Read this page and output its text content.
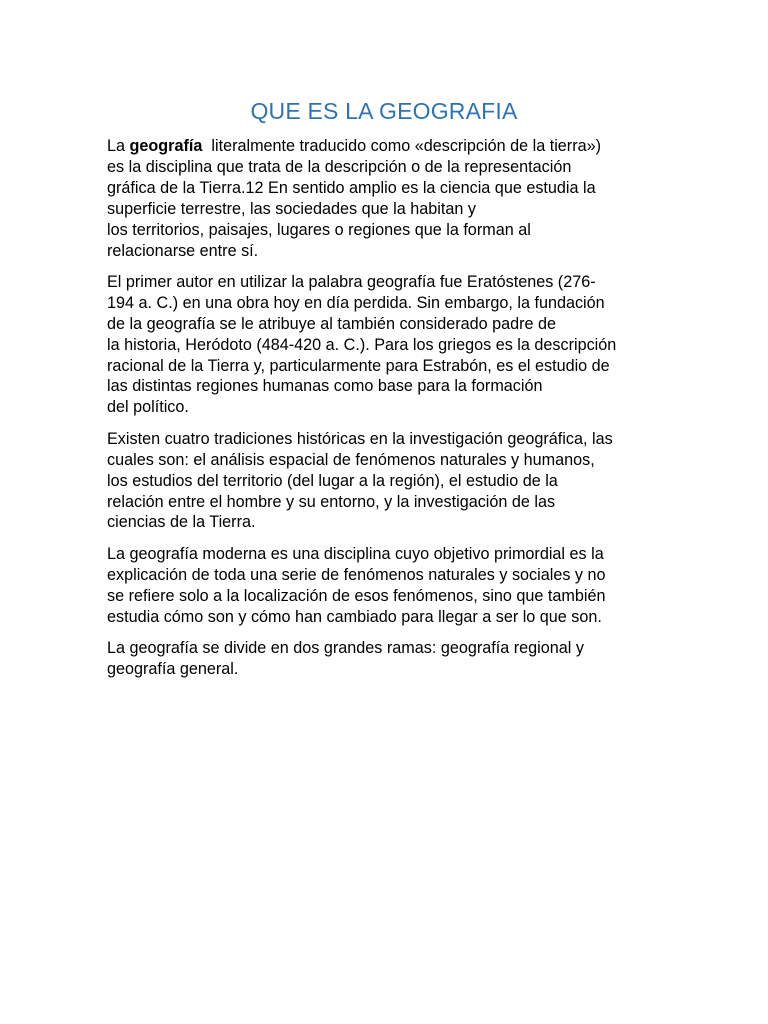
QUE ES LA GEOGRAFIA

La geografía  literalmente traducido como «descripción de la tierra»)
es la disciplina que trata de la descripción o de la representación
gráfica de la Tierra.12 En sentido amplio es la ciencia que estudia la
superficie terrestre, las sociedades que la habitan y
los territorios, paisajes, lugares o regiones que la forman al
relacionarse entre sí.

El primer autor en utilizar la palabra geografía fue Eratóstenes (276-
194 a. C.) en una obra hoy en día perdida. Sin embargo, la fundación
de la geografía se le atribuye al también considerado padre de
la historia, Heródoto (484-420 a. C.). Para los griegos es la descripción
racional de la Tierra y, particularmente para Estrabón, es el estudio de
las distintas regiones humanas como base para la formación
del político.

Existen cuatro tradiciones históricas en la investigación geográfica, las
cuales son: el análisis espacial de fenómenos naturales y humanos,
los estudios del territorio (del lugar a la región), el estudio de la
relación entre el hombre y su entorno, y la investigación de las
ciencias de la Tierra.

La geografía moderna es una disciplina cuyo objetivo primordial es la
explicación de toda una serie de fenómenos naturales y sociales y no
se refiere solo a la localización de esos fenómenos, sino que también
estudia cómo son y cómo han cambiado para llegar a ser lo que son.

La geografía se divide en dos grandes ramas: geografía regional y
geografía general.
